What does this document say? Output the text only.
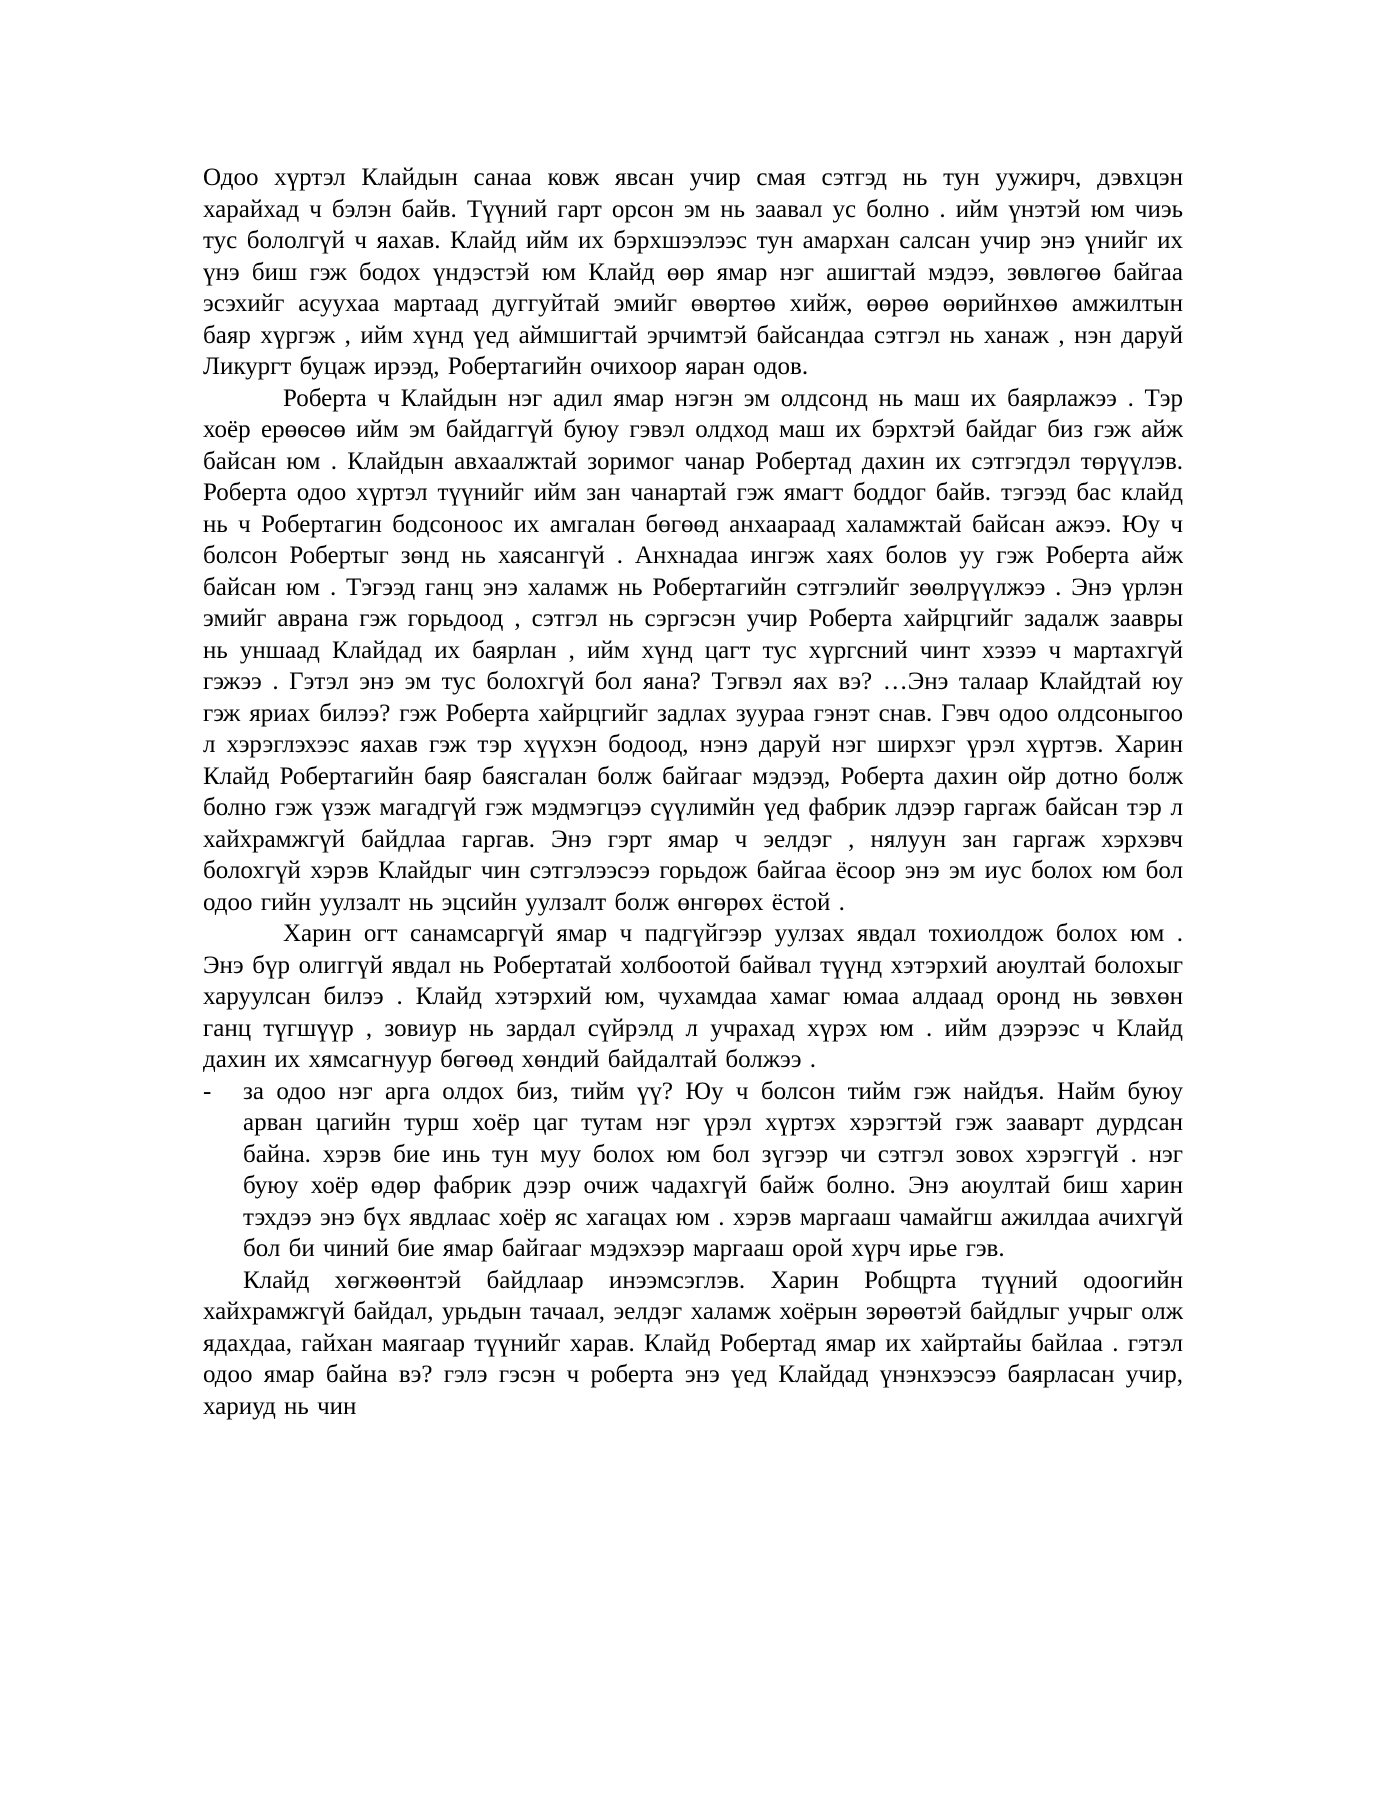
Одоо хүртэл Клайдын санаа ковж явсан учир смая сэтгэд нь тун уужирч, дэвхцэн харайхад ч бэлэн байв. Түүний гарт орсон эм нь заавал ус болно . ийм үнэтэй юм чиэь тус бололгүй ч яахав. Клайд ийм их бэрхшээлээс тун амархан салсан учир энэ үнийг их үнэ биш гэж бодох үндэстэй юм Клайд өөр ямар нэг ашигтай мэдээ, зөвлөгөө байгаа эсэхийг асуухаа мартаад дуггуйтай эмийг өвөртөө хийж, өөрөө өөрийнхөө амжилтын баяр хүргэж , ийм хүнд үед аймшигтай эрчимтэй байсандаа сэтгэл нь ханаж , нэн даруй Ликургт буцаж ирээд, Робертагийн очихоор яаран одов.

Роберта ч Клайдын нэг адил ямар нэгэн эм олдсонд нь маш их баярлажээ . Тэр хоёр ерөөсөө ийм эм байдаггүй буюу гэвэл олдход маш их бэрхтэй байдаг биз гэж айж байсан юм . Клайдын авхаалжтай зоримог чанар Робертад дахин их сэтгэгдэл төрүүлэв. Роберта одоо хүртэл түүнийг ийм зан чанартай гэж ямагт боддог байв. тэгээд бас клайд нь ч Робертагин бодсоноос их амгалан бөгөөд анхаараад халамжтай байсан ажээ. Юу ч болсон Робертыг зөнд нь хаясангүй . Анхнадаа ингэж хаях болов уу гэж Роберта айж байсан юм . Тэгээд ганц энэ халамж нь Робертагийн сэтгэлийг зөөлрүүлжээ . Энэ үрлэн эмийг аврана гэж горьдоод , сэтгэл нь сэргэсэн учир Роберта хайрцгийг задалж заавры нь уншаад Клайдад их баярлан , ийм хүнд цагт тус хүргсний чинт хэзээ ч мартахгүй гэжээ . Гэтэл энэ эм тус болохгүй бол яана? Тэгвэл яах вэ? …Энэ талаар Клайдтай юу гэж яриах билээ? гэж Роберта хайрцгийг задлах зуураа гэнэт снав. Гэвч одоо олдсоныгоо л хэрэглэхээс яахав гэж тэр хүүхэн бодоод, нэнэ даруй нэг ширхэг үрэл хүртэв. Харин Клайд Робертагийн баяр баясгалан болж байгааг мэдээд, Роберта дахин ойр дотно болж болно гэж үзэж магадгүй гэж мэдмэгцээ сүүлимйн үед фабрик лдээр гаргаж байсан тэр л хайхрамжгүй байдлаа гаргав. Энэ гэрт ямар ч эелдэг , нялуун зан гаргаж хэрхэвч болохгүй хэрэв Клайдыг чин сэтгэлээсээ горьдож байгаа ёсоор энэ эм иус болох юм бол одоо гийн уулзалт нь эцсийн уулзалт болж өнгөрөх ёстой .

Харин огт санамсаргүй ямар ч падгүйгээр уулзах явдал тохиолдож болох юм . Энэ бүр олиггүй явдал нь Робертатай холбоотой байвал түүнд хэтэрхий аюултай болохыг харуулсан билээ . Клайд хэтэрхий юм, чухамдаа хамаг юмаа алдаад оронд нь зөвхөн ганц түгшүүр , зовиур нь зардал сүйрэлд л учрахад хүрэх юм . ийм дээрээс ч Клайд дахин их хямсагнуур бөгөөд хөндий байдалтай болжээ .

- за одоо нэг арга олдох биз, тийм үү? Юу ч болсон тийм гэж найдъя. Найм буюу арван цагийн турш хоёр цаг тутам нэг үрэл хүртэх хэрэгтэй гэж зааварт дурдсан байна. хэрэв бие инь тун муу болох юм бол зүгээр чи сэтгэл зовох хэрэггүй . нэг буюу хоёр өдөр фабрик дээр очиж чадахгүй байж болно. Энэ аюултай биш харин тэхдээ энэ бүх явдлаас хоёр яс хагацах юм . хэрэв маргааш чамайгш ажилдаа ачихгүй бол би чиний бие ямар байгааг мэдэхээр маргааш орой хүрч ирье гэв.

Клайд хөгжөөнтэй байдлаар инээмсэглэв. Харин Робщрта түүний одоогийн хайхрамжгүй байдал, урьдын тачаал, эелдэг халамж хоёрын зөрөөтэй байдлыг учрыг олж ядахдаа, гайхан маягаар түүнийг харав. Клайд Робертад ямар их хайртайы байлаа . гэтэл одоо ямар байна вэ? гэлэ гэсэн ч роберта энэ үед Клайдад үнэнхээсээ баярласан учир, хариуд нь чин
